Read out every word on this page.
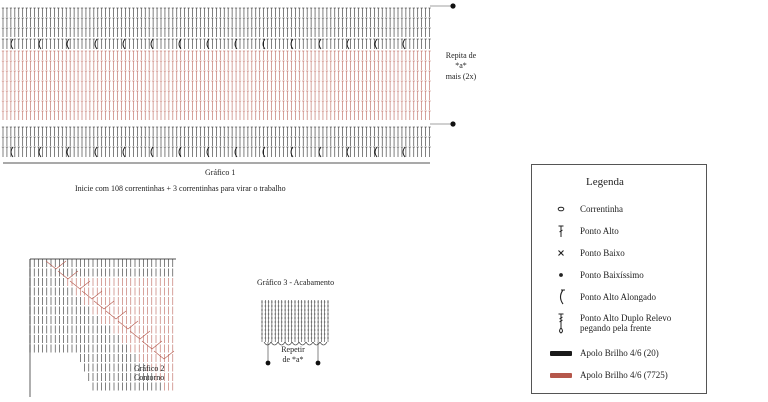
Repita de
*a*
mais (2x)
Gráfico 1
Inicie com 108 correntinhas + 3 correntinhas para virar o trabalho
Gráfico 2
Contorno
Gráfico 3 - Acabamento
Repetir
de *a*
Legenda
Correntinha
Ponto Alto
Ponto Baixo
Ponto Baixíssimo
Ponto Alto Alongado
Ponto Alto Duplo Relevo
pegando pela frente
Apolo Brilho 4/6 (20)
Apolo Brilho 4/6 (7725)
